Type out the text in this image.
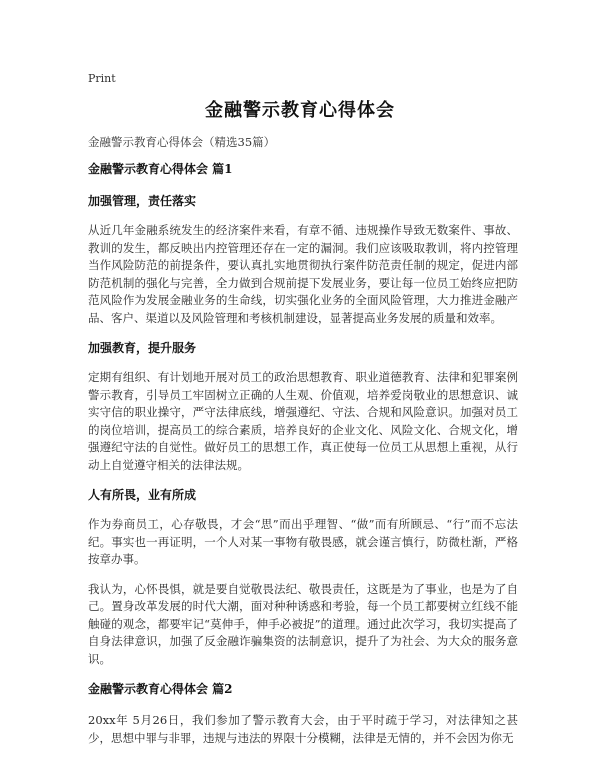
Print
金融警示教育心得体会
金融警示教育心得体会（精选35篇）
金融警示教育心得体会 篇1
加强管理，责任落实

从近几年金融系统发生的经济案件来看，有章不循、违规操作导致无数案件、事故、教训的发生，都反映出内控管理还存在一定的漏洞。我们应该吸取教训，将内控管理当作风险防范的前提条件，要认真扎实地贯彻执行案件防范责任制的规定，促进内部防范机制的强化与完善，全力做到合规前提下发展业务，要让每一位员工始终应把防范风险作为发展金融业务的生命线，切实强化业务的全面风险管理，大力推进金融产品、客户、渠道以及风险管理和考核机制建设，显著提高业务发展的质量和效率。

加强教育，提升服务

定期有组织、有计划地开展对员工的政治思想教育、职业道德教育、法律和犯罪案例警示教育，引导员工牢固树立正确的人生观、价值观，培养爱岗敬业的思想意识、诚实守信的职业操守，严守法律底线，增强遵纪、守法、合规和风险意识。加强对员工的岗位培训，提高员工的综合素质，培养良好的企业文化、风险文化、合规文化，增强遵纪守法的自觉性。做好员工的思想工作，真正使每一位员工从思想上重视，从行动上自觉遵守相关的法律法规。

人有所畏，业有所成

作为券商员工，心存敬畏，才会“思”而出乎理智、“做”而有所顾忌、“行”而不忘法纪。事实也一再证明，一个人对某一事物有敬畏感，就会谨言慎行，防微杜渐，严格按章办事。

我认为，心怀畏惧，就是要自觉敬畏法纪、敬畏责任，这既是为了事业，也是为了自己。置身改革发展的时代大潮，面对种种诱惑和考验，每一个员工都要树立红线不能触碰的观念，都要牢记“莫伸手，伸手必被捉”的道理。通过此次学习，我切实提高了自身法律意识，加强了反金融诈骗集资的法制意识，提升了为社会、为大众的服务意识。

金融警示教育心得体会 篇2

20xx年 5月26日，我们参加了警示教育大会，由于平时疏于学习，对法律知之甚少，思想中罪与非罪，违规与违法的界限十分模糊，法律是无情的，并不会因为你无
